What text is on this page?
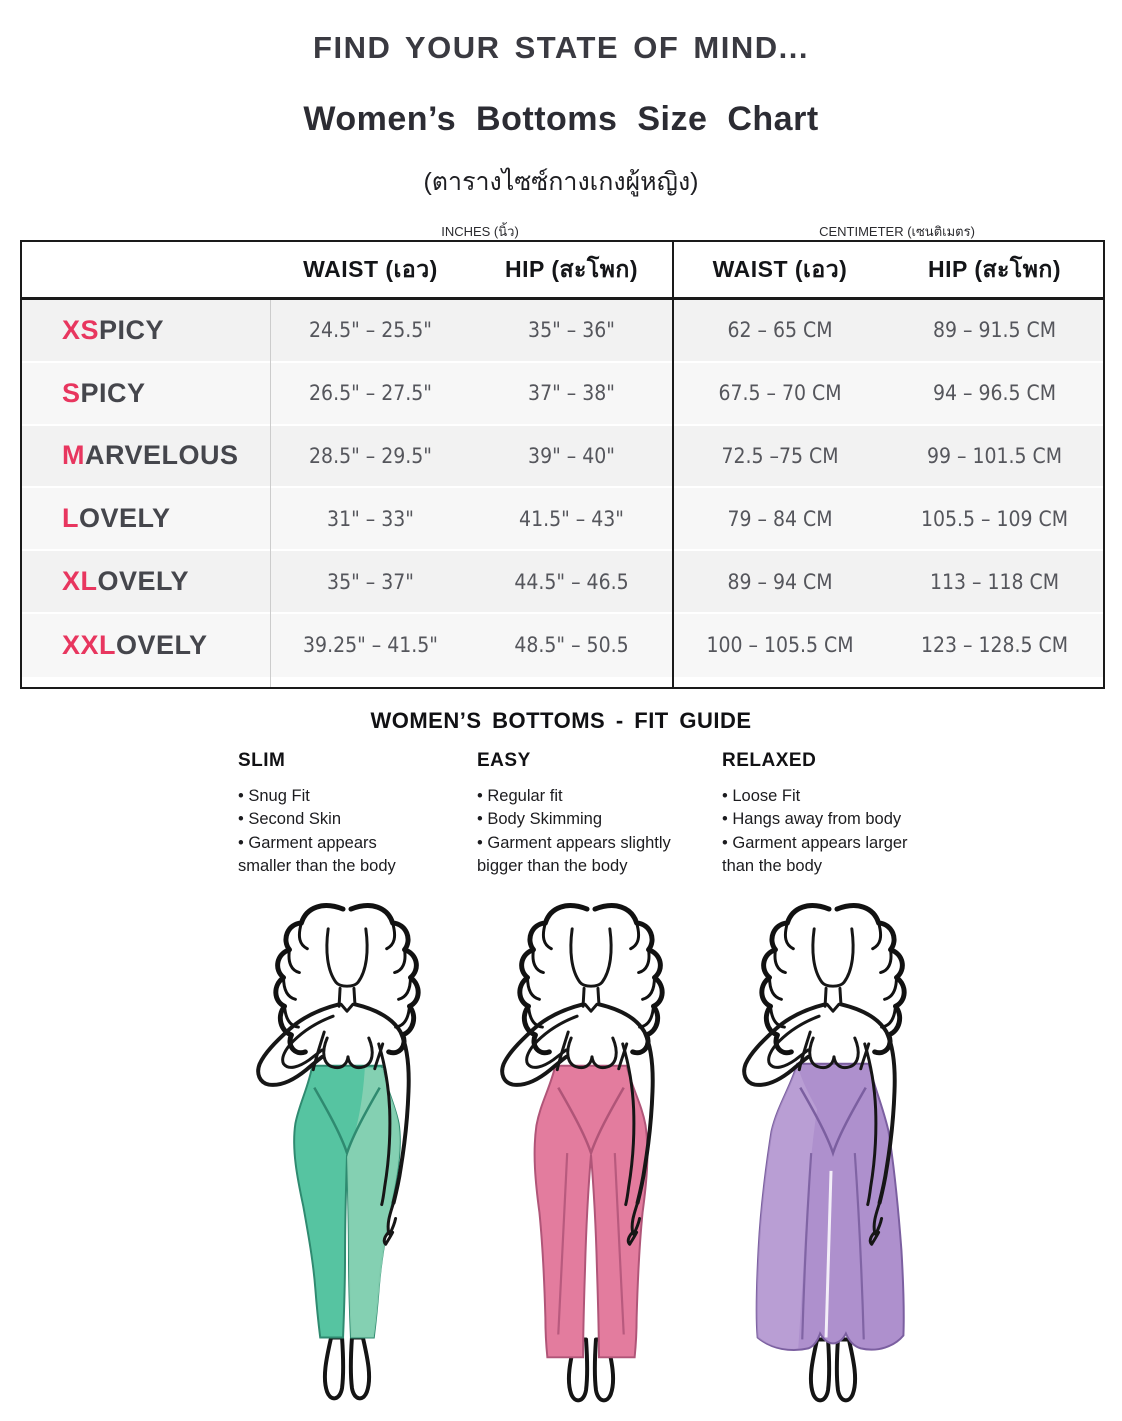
FIND YOUR STATE OF MIND...
Women’s Bottoms Size Chart
(ตารางไซซ์กางเกงผู้หญิง)
INCHES (นิ้ว)	CENTIMETER (เซนติเมตร)
WAIST (เอว)	HIP (สะโพก)	WAIST (เอว)	HIP (สะโพก)
XSPICY	24.5" – 25.5"	35" – 36"	62 – 65 CM	89 – 91.5 CM
SPICY	26.5" – 27.5"	37" – 38"	67.5 – 70 CM	94 – 96.5 CM
MARVELOUS	28.5" – 29.5"	39" – 40"	72.5 –75 CM	99 – 101.5 CM
LOVELY	31" – 33"	41.5" – 43"	79 – 84 CM	105.5 – 109 CM
XLOVELY	35" – 37"	44.5" – 46.5	89 – 94 CM	113 – 118 CM
XXLOVELY	39.25" – 41.5"	48.5" – 50.5	100 – 105.5 CM	123 – 128.5 CM
WOMEN’S BOTTOMS - FIT GUIDE
SLIM
• Snug Fit
• Second Skin
• Garment appears smaller than the body
EASY
• Regular fit
• Body Skimming
• Garment appears slightly bigger than the body
RELAXED
• Loose Fit
• Hangs away from body
• Garment appears larger than the body
